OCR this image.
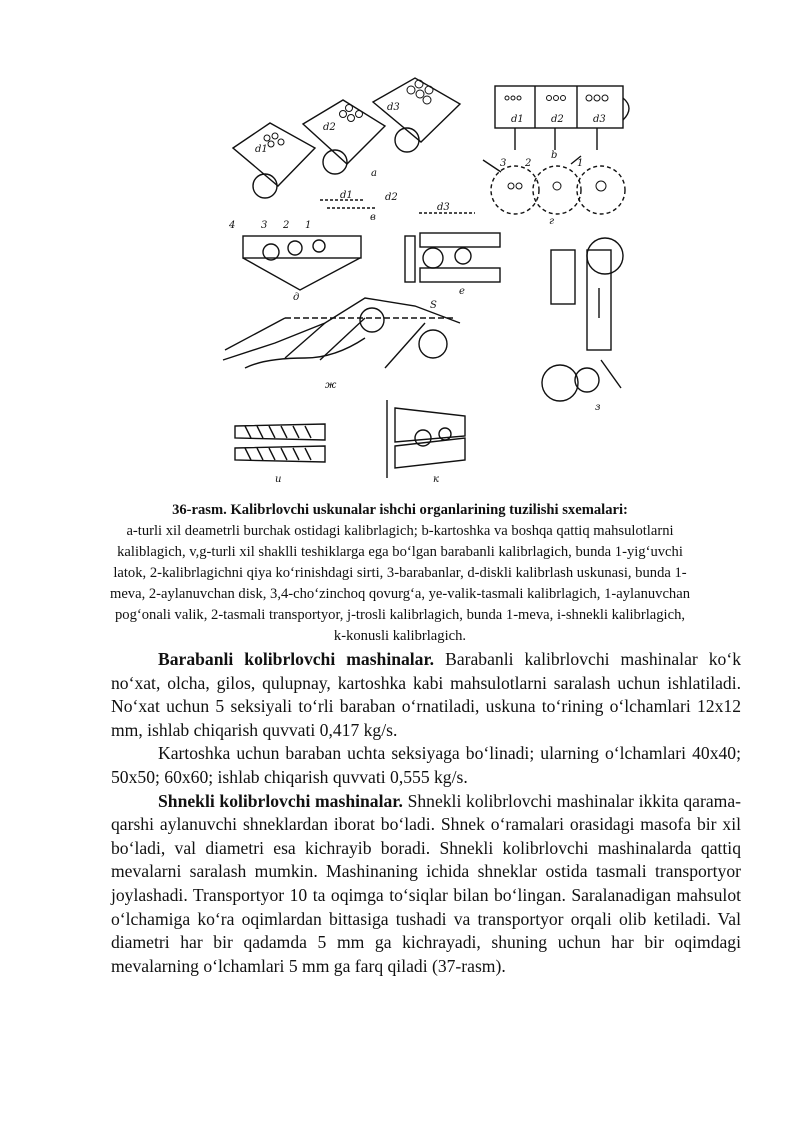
d1
d2
d3
a
d1	d2	d3
b
г
3 2	1
d1	d2
d3
в
4	3 2 1
д
е
S
ж
з
и	к
36-rasm. Kalibrlovchi uskunalar ishchi organlarining tuzilishi sxemalari:
a-turli xil deametrli burchak ostidagi kalibrlagich; b-kartoshka va boshqa qattiq mahsulotlarni kaliblagich, v,g-turli xil shaklli teshiklarga ega bo‘lgan barabanli kalibrlagich, bunda 1-yig‘uvchi latok, 2-kalibrlagichni qiya ko‘rinishdagi sirti, 3-barabanlar, d-diskli kalibrlash uskunasi, bunda 1-meva, 2-aylanuvchan disk, 3,4-cho‘zinchoq qovurg‘a, ye-valik-tasmali kalibrlagich, 1-aylanuvchan pog‘onali valik, 2-tasmali transportyor, j-trosli kalibrlagich, bunda 1-meva, i-shnekli kalibrlagich, k-konusli kalibrlagich.

Barabanli kolibrlovchi mashinalar. Barabanli kalibrlovchi mashinalar ko‘k no‘xat, olcha, gilos, qulupnay, kartoshka kabi mahsulotlarni saralash uchun ishlatiladi. No‘xat uchun 5 seksiyali to‘rli baraban o‘rnatiladi, uskuna to‘rining o‘lchamlari 12x12 mm, ishlab chiqarish quvvati 0,417 kg/s.

Kartoshka uchun baraban uchta seksiyaga bo‘linadi; ularning o‘lchamlari 40x40; 50x50; 60x60; ishlab chiqarish quvvati 0,555 kg/s.

Shnekli kolibrlovchi mashinalar. Shnekli kolibrlovchi mashinalar ikkita qarama-qarshi aylanuvchi shneklardan iborat bo‘ladi. Shnek o‘ramalari orasidagi masofa bir xil bo‘ladi, val diametri esa kichrayib boradi. Shnekli kolibrlovchi mashinalarda qattiq mevalarni saralash mumkin. Mashinaning ichida shneklar ostida tasmali transportyor joylashadi. Transportyor 10 ta oqimga to‘siqlar bilan bo‘lingan. Saralanadigan mahsulot o‘lchamiga ko‘ra oqimlardan bittasiga tushadi va transportyor orqali olib ketiladi. Val diametri har bir qadamda 5 mm ga kichrayadi, shuning uchun har bir oqimdagi mevalarning o‘lchamlari 5 mm ga farq qiladi (37-rasm).
